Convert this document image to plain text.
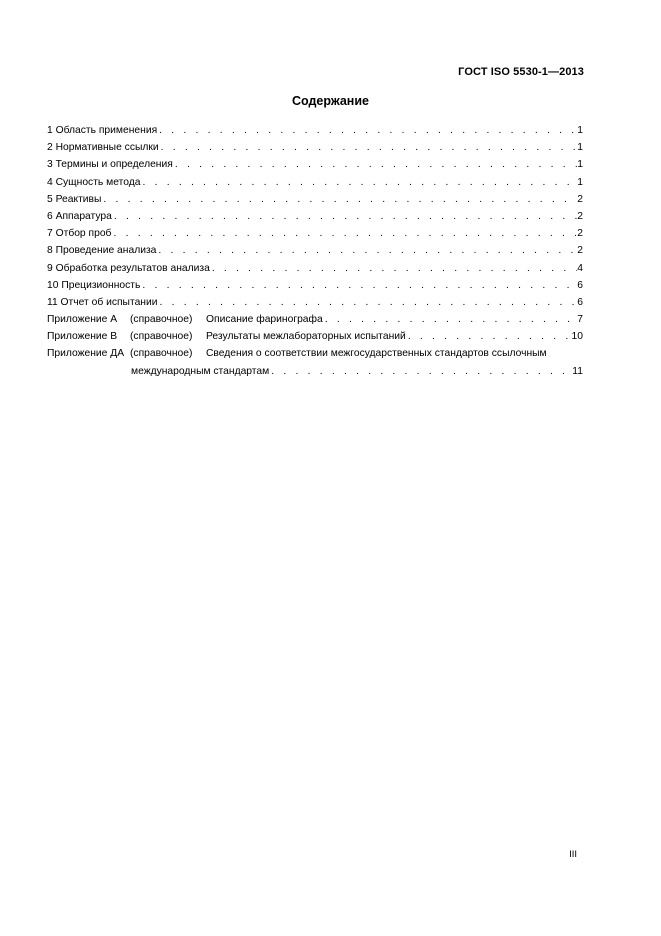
ГОСТ ISO 5530-1—2013
Содержание
1 Область применения . . .	1
2 Нормативные ссылки . . .	1
3 Термины и определения . . .	1
4 Сущность метода . . .	1
5 Реактивы . . .	2
6 Аппаратура . . .	2
7 Отбор проб . . .	2
8 Проведение анализа . . .	2
9 Обработка результатов анализа . . .	4
10 Прецизионность . . .	6
11 Отчет об испытании . . .	6
Приложение А	(справочное)	Описание фаринографа . . .	7
Приложение В	(справочное)	Результаты межлабораторных испытаний . . .	10
Приложение ДА (справочное)	Сведения о соответствии межгосударственных стандартов ссылочным
международным стандартам . . .	11
III
